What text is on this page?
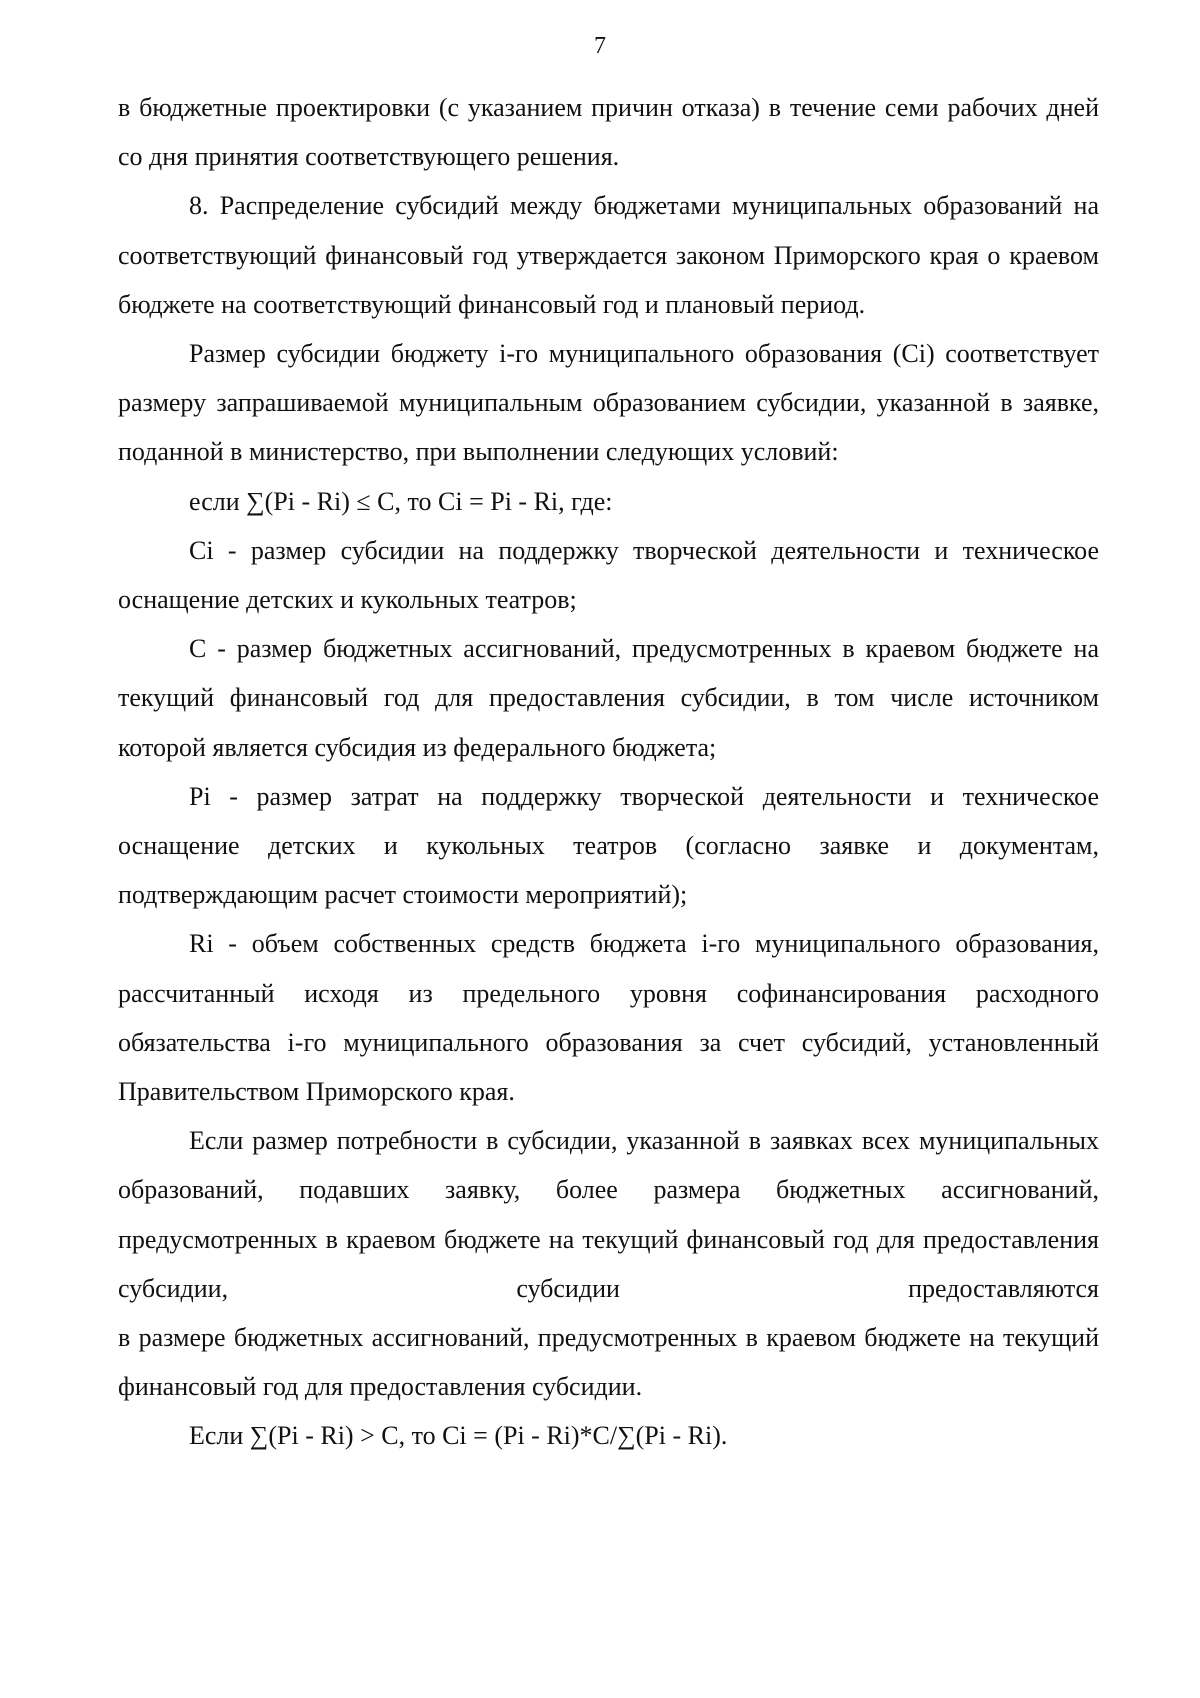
7

в бюджетные проектировки (с указанием причин отказа) в течение семи рабочих дней со дня принятия соответствующего решения.

8. Распределение субсидий между бюджетами муниципальных образований на соответствующий финансовый год утверждается законом Приморского края о краевом бюджете на соответствующий финансовый год и плановый период.

Размер субсидии бюджету i-го муниципального образования (Ci) соответствует размеру запрашиваемой муниципальным образованием субсидии, указанной в заявке, поданной в министерство, при выполнении следующих условий:

если ∑(Pi - Ri) ≤ C, то Ci = Pi - Ri, где:

Ci - размер субсидии на поддержку творческой деятельности и техническое оснащение детских и кукольных театров;

C - размер бюджетных ассигнований, предусмотренных в краевом бюджете на текущий финансовый год для предоставления субсидии, в том числе источником которой является субсидия из федерального бюджета;

Pi - размер затрат на поддержку творческой деятельности и техническое оснащение детских и кукольных театров (согласно заявке и документам, подтверждающим расчет стоимости мероприятий);

Ri - объем собственных средств бюджета i-го муниципального образования, рассчитанный исходя из предельного уровня софинансирования расходного обязательства i-го муниципального образования за счет субсидий, установленный Правительством Приморского края.

Если размер потребности в субсидии, указанной в заявках всех муниципальных образований, подавших заявку, более размера бюджетных ассигнований, предусмотренных в краевом бюджете на текущий финансовый год для предоставления субсидии, субсидии предоставляются

в размере бюджетных ассигнований, предусмотренных в краевом бюджете на текущий финансовый год для предоставления субсидии.

Если ∑(Pi - Ri) > C, то Ci = (Pi - Ri)*C/∑(Pi - Ri).
